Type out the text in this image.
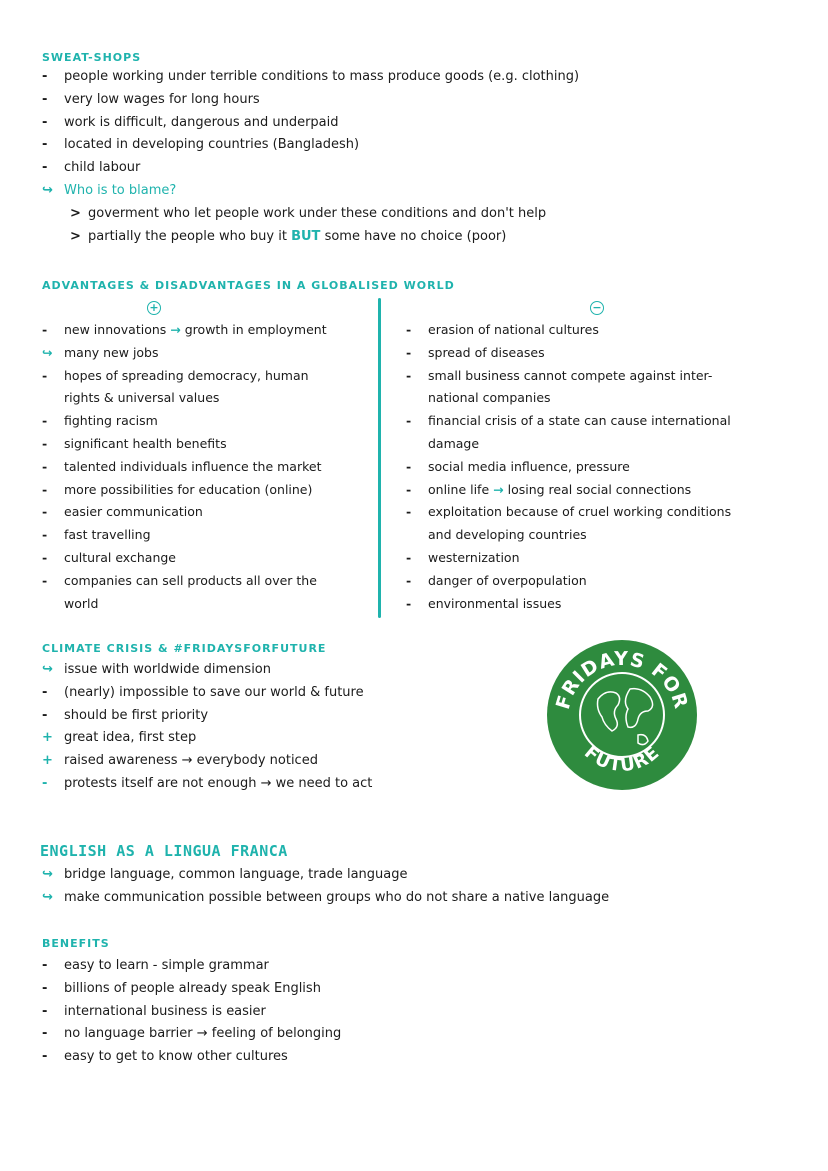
SWEAT-SHOPS
- people working under terrible conditions to mass produce goods (e.g. clothing)
- very low wages for long hours
- work is difficult, dangerous and underpaid
- located in developing countries (Bangladesh)
- child labour
↪ Who is to blame?
> goverment who let people work under these conditions and don't help
> partially the people who buy it BUT some have no choice (poor)
ADVANTAGES & DISADVANTAGES IN A GLOBALISED WORLD
+	−
- new innovations → growth in employment
↪ many new jobs
- hopes of spreading democracy, human
rights & universal values
- fighting racism
- significant health benefits
- talented individuals influence the market
- more possibilities for education (online)
- easier communication
- fast travelling
- cultural exchange
- companies can sell products all over the
world
- erasion of national cultures
- spread of diseases
- small business cannot compete against inter-
national companies
- financial crisis of a state can cause international
damage
- social media influence, pressure
- online life → losing real social connections
- exploitation because of cruel working conditions
and developing countries
- westernization
- danger of overpopulation
- environmental issues
CLIMATE CRISIS & #FRIDAYSFORFUTURE
↪ issue with worldwide dimension
- (nearly) impossible to save our world & future
- should be first priority
+ great idea, first step
+ raised awareness → everybody noticed
- protests itself are not enough → we need to act
FRIDAYS FOR
FUTURE
ENGLISH AS A LINGUA FRANCA
↪ bridge language, common language, trade language
↪ make communication possible between groups who do not share a native language
BENEFITS
- easy to learn - simple grammar
- billions of people already speak English
- international business is easier
- no language barrier → feeling of belonging
- easy to get to know other cultures
